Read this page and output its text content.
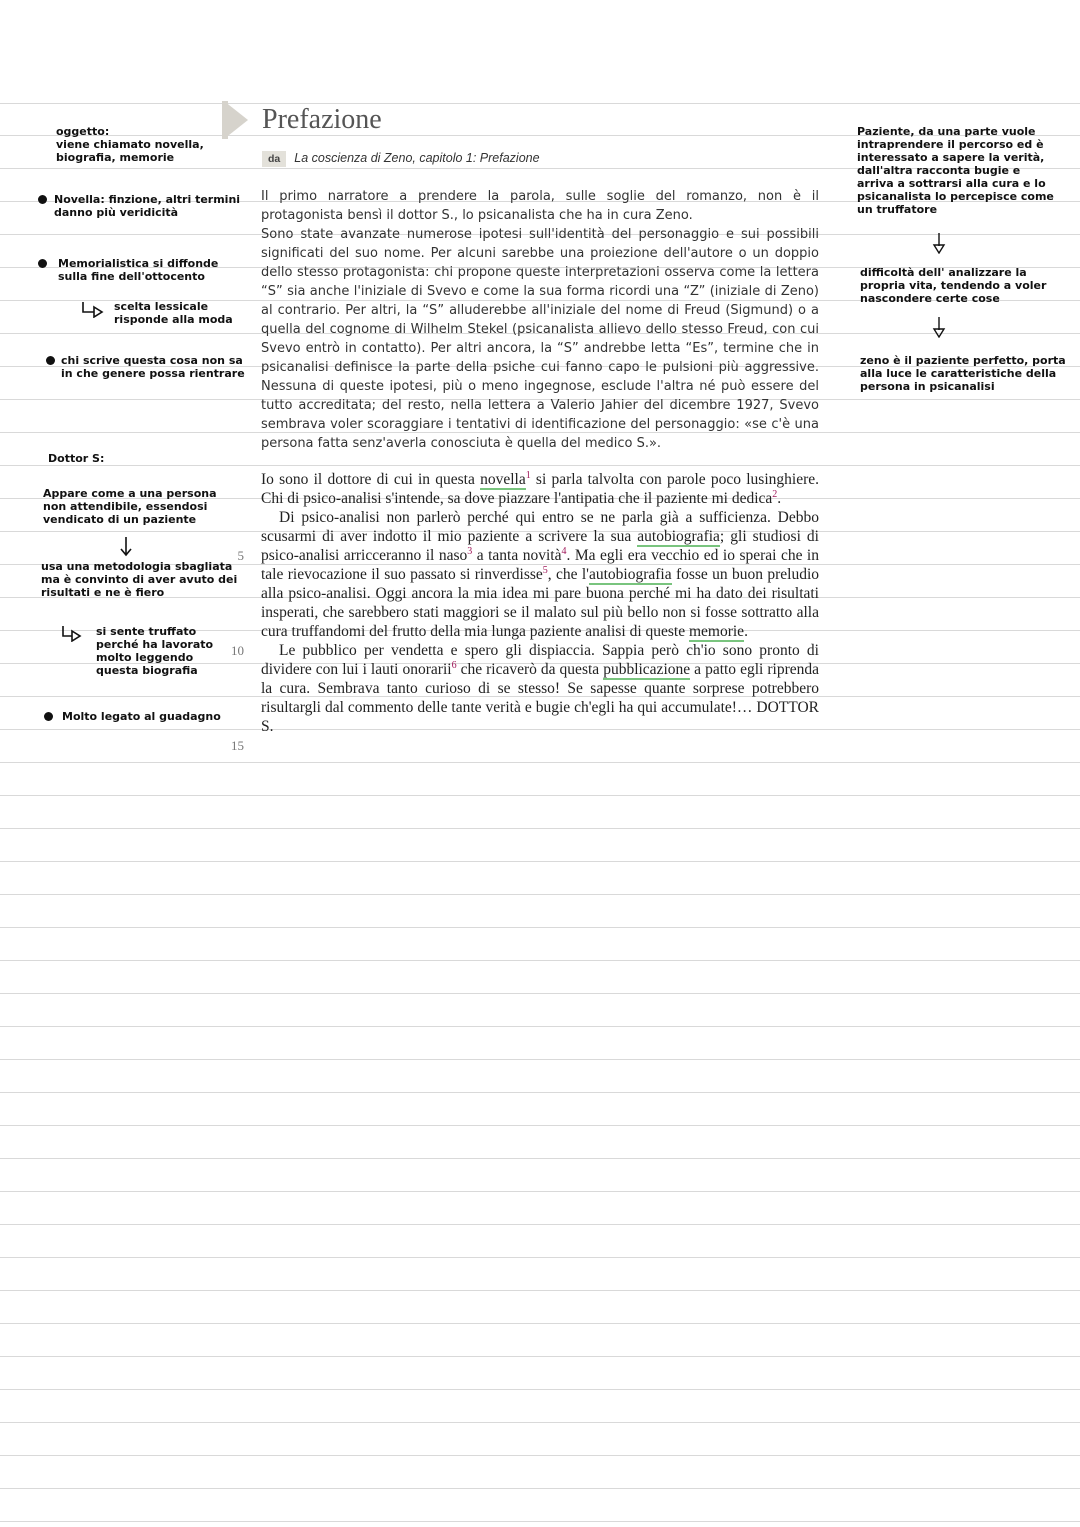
Prefazione
da La coscienza di Zeno, capitolo 1: Prefazione

Il primo narratore a prendere la parola, sulle soglie del romanzo, non è il protagonista bensì il dottor S., lo psicanalista che ha in cura Zeno.

Sono state avanzate numerose ipotesi sull'identità del personaggio e sui possibili significati del suo nome. Per alcuni sarebbe una proiezione dell'autore o un doppio dello stesso protagonista: chi propone queste interpretazioni osserva come la lettera “S” sia anche l'iniziale di Svevo e come la sua forma ricordi una “Z” (iniziale di Zeno) al contrario. Per altri, la “S” alluderebbe all'iniziale del nome di Freud (Sigmund) o a quella del cognome di Wilhelm Stekel (psicanalista allievo dello stesso Freud, con cui Svevo entrò in contatto). Per altri ancora, la “S” andrebbe letta “Es”, termine che in psicanalisi definisce la parte della psiche cui fanno capo le pulsioni più aggressive. Nessuna di queste ipotesi, più o meno ingegnose, esclude l'altra né può essere del tutto accreditata; del resto, nella lettera a Valerio Jahier del dicembre 1927, Svevo sembrava voler scoraggiare i tentativi di identificazione del personaggio: «se c'è una persona fatta senz'averla conosciuta è quella del medico S.».

Io sono il dottore di cui in questa novella$^1$ si parla talvolta con parole poco lusinghiere. Chi di psico-analisi s'intende, sa dove piazzare l'antipatia che il paziente mi dedica$^2$.

Di psico-analisi non parlerò perché qui entro se ne parla già a sufficienza. Debbo scusarmi di aver indotto il mio paziente a scrivere la sua autobiografia; gli studiosi di psico-analisi arricceranno il naso$^3$ a tanta novità$^4$. Ma egli era vecchio ed io sperai che in tale rievocazione il suo passato si rinverdisse$^5$, che l'autobiografia fosse un buon preludio alla psico-analisi. Oggi ancora la mia idea mi pare buona perché mi ha dato dei risultati insperati, che sarebbero stati maggiori se il malato sul più bello non si fosse sottratto alla cura truffandomi del frutto della mia lunga paziente analisi di queste memorie.

Le pubblico per vendetta e spero gli dispiaccia. Sappia però ch'io sono pronto di dividere con lui i lauti onorarii$^6$ che ricaverò da questa pubblicazione a patto egli riprenda la cura. Sembrava tanto curioso di se stesso! Se sapesse quante sorprese potrebbero risultargli dal commento delle tante verità e bugie ch'egli ha qui accumulate!… DOTTOR S.

5
10
15
oggetto:
viene chiamato novella,
biografia, memorie
Novella: finzione, altri termini
danno più veridicità
Memorialistica si diffonde
sulla fine dell'ottocento
scelta lessicale
risponde alla moda
chi scrive questa cosa non sa
in che genere possa rientrare
Dottor S:
Appare come a una persona
non attendibile, essendosi
vendicato di un paziente
usa una metodologia sbagliata
ma è convinto di aver avuto dei
risultati e ne è fiero
si sente truffato
perché ha lavorato
molto leggendo
questa biografia
Molto legato al guadagno
Paziente, da una parte vuole
intraprendere il percorso ed è
interessato a sapere la verità,
dall'altra racconta bugie e
arriva a sottrarsi alla cura e lo
psicanalista lo percepisce come
un truffatore
difficoltà dell' analizzare la
propria vita, tendendo a voler
nascondere certe cose
zeno è il paziente perfetto, porta
alla luce le caratteristiche della
persona in psicanalisi
